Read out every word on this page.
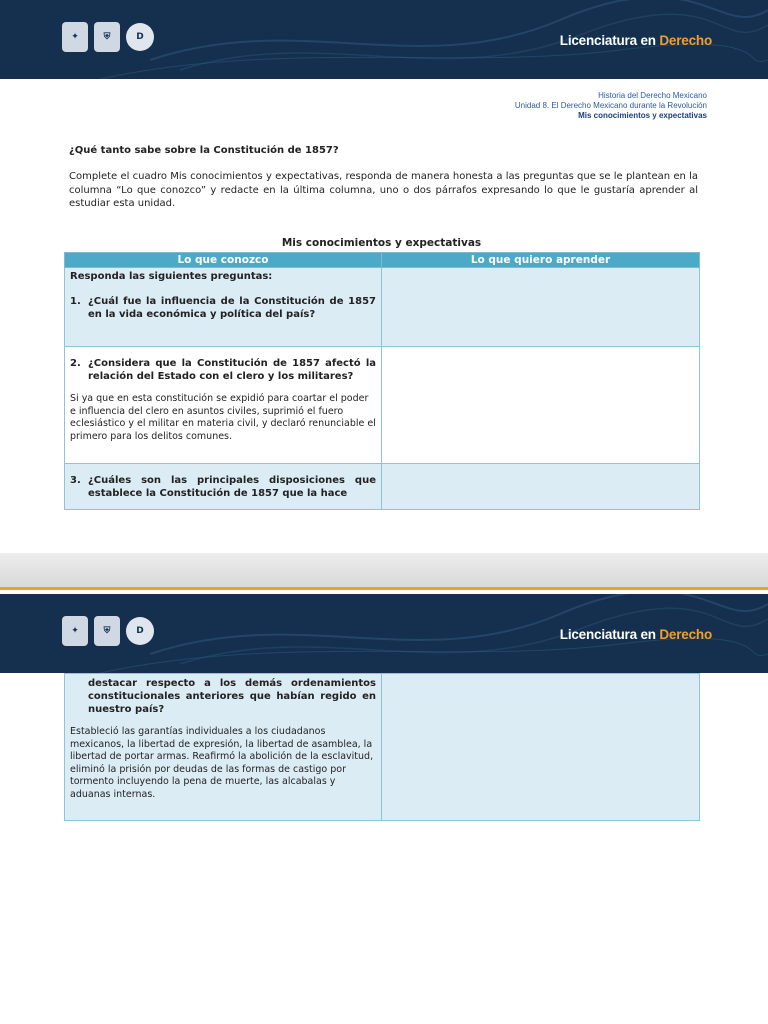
✦	⛨	D	Licenciatura en Derecho
Historia del Derecho Mexicano
Unidad 8. El Derecho Mexicano durante la Revolución
Mis conocimientos y expectativas
¿Qué tanto sabe sobre la Constitución de 1857?
Complete el cuadro Mis conocimientos y expectativas, responda de manera honesta a las preguntas que se le plantean en la columna “Lo que conozco” y redacte en la última columna, uno o dos párrafos expresando lo que le gustaría aprender al estudiar esta unidad.
Mis conocimientos y expectativas
Lo que conozco	Lo que quiero aprender

Responda las siguientes preguntas:

1. ¿Cuál fue la influencia de la Constitución de 1857 en la vida económica y política del país?	

2. ¿Considera que la Constitución de 1857 afectó la relación del Estado con el clero y los militares?

Si ya que en esta constitución se expidió para coartar el poder e influencia del clero en asuntos civiles, suprimió el fuero eclesiástico y el militar en materia civil, y declaró renunciable el primero para los delitos comunes.	

3. ¿Cuáles son las principales disposiciones que establece la Constitución de 1857 que la hace	

✦	⛨	D	Licenciatura en Derecho

destacar respecto a los demás ordenamientos constitucionales anteriores que habían regido en nuestro país?

Estableció las garantías individuales a los ciudadanos mexicanos, la libertad de expresión, la libertad de asamblea, la libertad de portar armas. Reafirmó la abolición de la esclavitud, eliminó la prisión por deudas de las formas de castigo por tormento incluyendo la pena de muerte, las alcabalas y aduanas internas.
